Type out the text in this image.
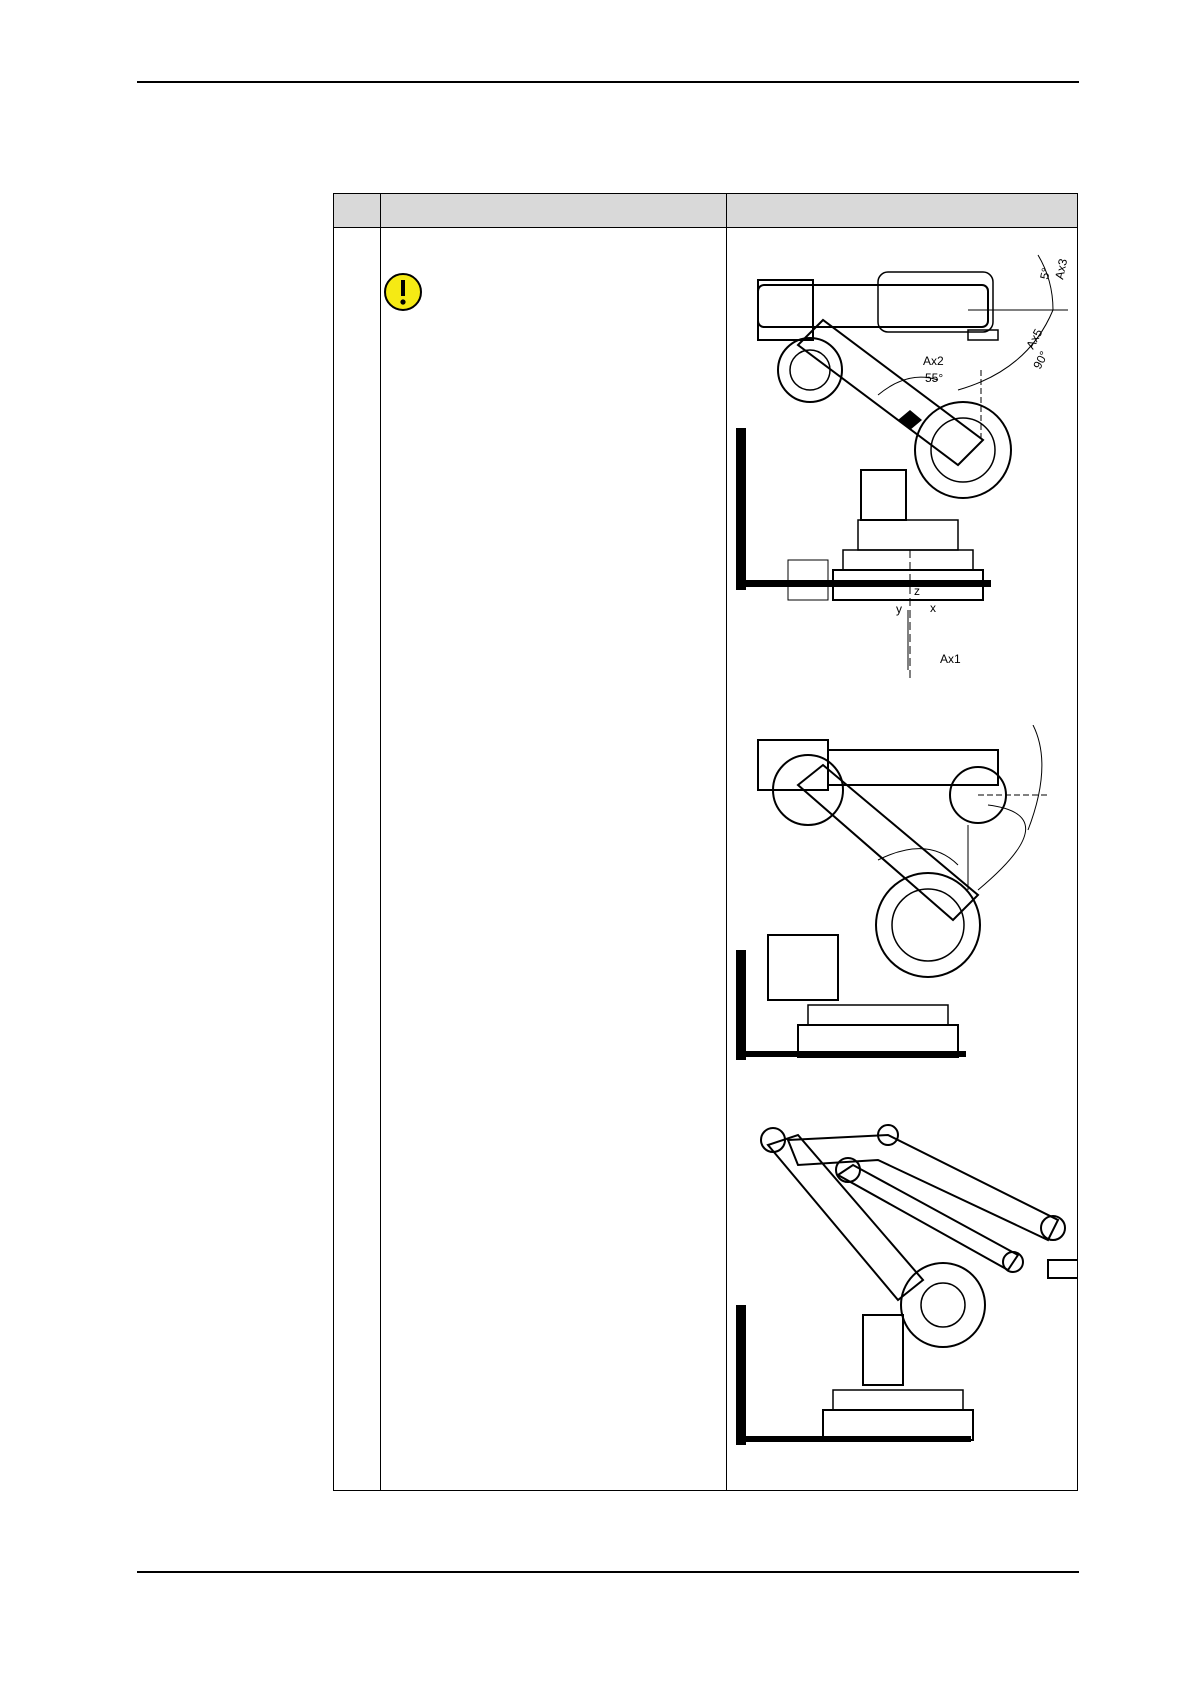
Ax3
5°
Ax2
55°
Ax5
90°
z
y x
Ax1
